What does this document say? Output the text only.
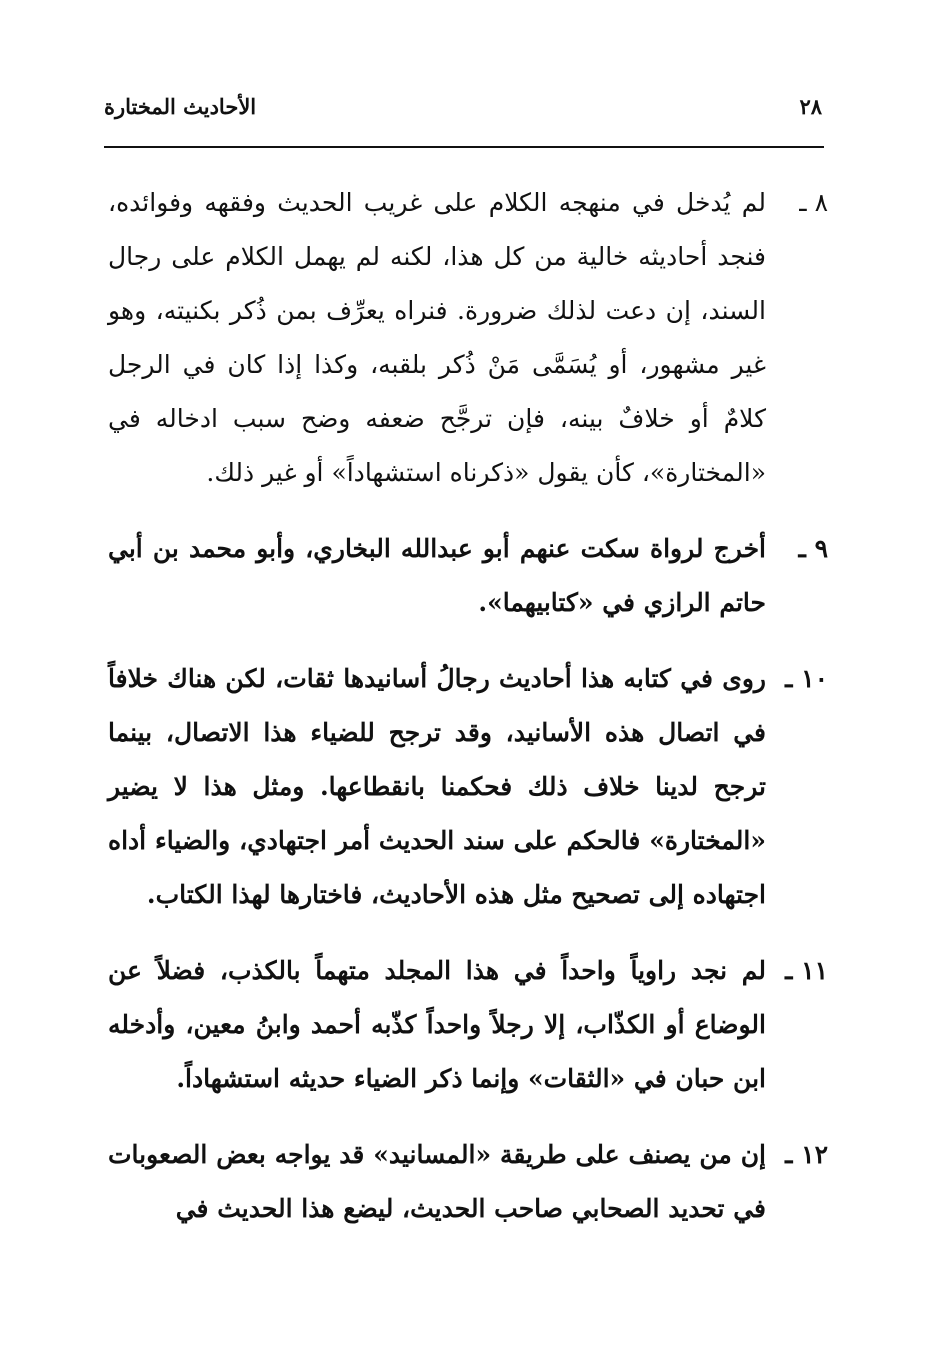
٢٨
الأحاديث المختارة
٨ ـ
لم يُدخل في منهجه الكلام على غريب الحديث وفقهه وفوائده، فنجد أحاديثه خالية من كل هذا، لكنه لم يهمل الكلام على رجال السند، إن دعت لذلك ضرورة. فنراه يعرِّف بمن ذُكر بكنيته، وهو غير مشهور، أو يُسَمَّى مَنْ ذُكر بلقبه، وكذا إذا كان في الرجل كلامٌ أو خلافٌ بينه، فإن ترجَّح ضعفه وضح سبب ادخاله في «المختارة»، كأن يقول «ذكرناه استشهاداً» أو غير ذلك.
٩ ـ
أخرج لرواة سكت عنهم أبو عبدالله البخاري، وأبو محمد بن أبي حاتم الرازي في «كتابيهما».
١٠ ـ
روى في كتابه هذا أحاديث رجالُ أسانيدها ثقات، لكن هناك خلافاً في اتصال هذه الأسانيد، وقد ترجح للضياء هذا الاتصال، بينما ترجح لدينا خلاف ذلك فحكمنا بانقطاعها. ومثل هذا لا يضير «المختارة» فالحكم على سند الحديث أمر اجتهادي، والضياء أداه اجتهاده إلى تصحيح مثل هذه الأحاديث، فاختارها لهذا الكتاب.
١١ ـ
لم نجد راوياً واحداً في هذا المجلد متهماً بالكذب، فضلاً عن الوضاع أو الكذّاب، إلا رجلاً واحداً كذّبه أحمد وابنُ معين، وأدخله ابن حبان في «الثقات» وإنما ذكر الضياء حديثه استشهاداً.
١٢ ـ
إن من يصنف على طريقة «المسانيد» قد يواجه بعض الصعوبات في تحديد الصحابي صاحب الحديث، ليضع هذا الحديث في
